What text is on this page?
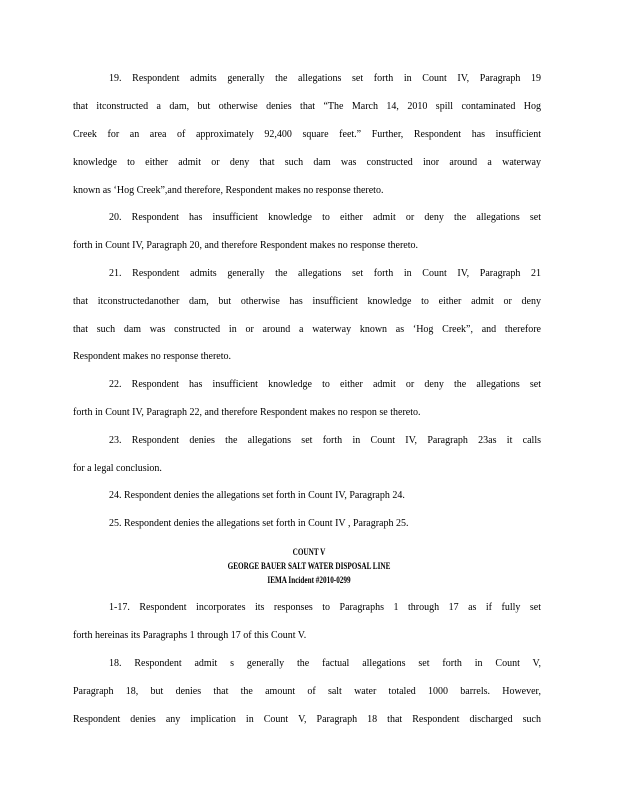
19. Respondent admits generally the allegations set forth in Count IV, Paragraph 19
that itconstructed a dam, but otherwise denies that “The March 14, 2010 spill contaminated Hog
Creek for an area of approximately 92,400 square feet.” Further, Respondent has insufficient
knowledge to either admit or deny that such dam was constructed inor around a waterway
known as ‘Hog Creek”,and therefore, Respondent makes no response thereto.
20. Respondent has insufficient knowledge to either admit or deny the allegations set
forth in Count IV, Paragraph 20, and therefore Respondent makes no response thereto.
21. Respondent admits generally the allegations set forth in Count IV, Paragraph 21
that itconstructedanother dam, but otherwise has insufficient knowledge to either admit or deny
that such dam was constructed in or around a waterway known as ‘Hog Creek”, and therefore
Respondent makes no response thereto.
22. Respondent has insufficient knowledge to either admit or deny the allegations set
forth in Count IV, Paragraph 22, and therefore Respondent makes no respon se thereto.
23. Respondent denies the allegations set forth in Count IV, Paragraph 23as it calls
for a legal conclusion.
24. Respondent denies the allegations set forth in Count IV, Paragraph 24.
25. Respondent denies the allegations set forth in Count IV , Paragraph 25.
COUNT V
GEORGE BAUER SALT WATER DISPOSAL LINE
IEMA Incident #2010-0299
1-17. Respondent incorporates its responses to Paragraphs 1 through 17 as if fully set
forth hereinas its Paragraphs 1 through 17 of this Count V.
18. Respondent admit s generally the factual allegations set forth in Count V,
Paragraph 18, but denies that the amount of salt water totaled 1000 barrels. However,
Respondent denies any implication in Count V, Paragraph 18 that Respondent discharged such
